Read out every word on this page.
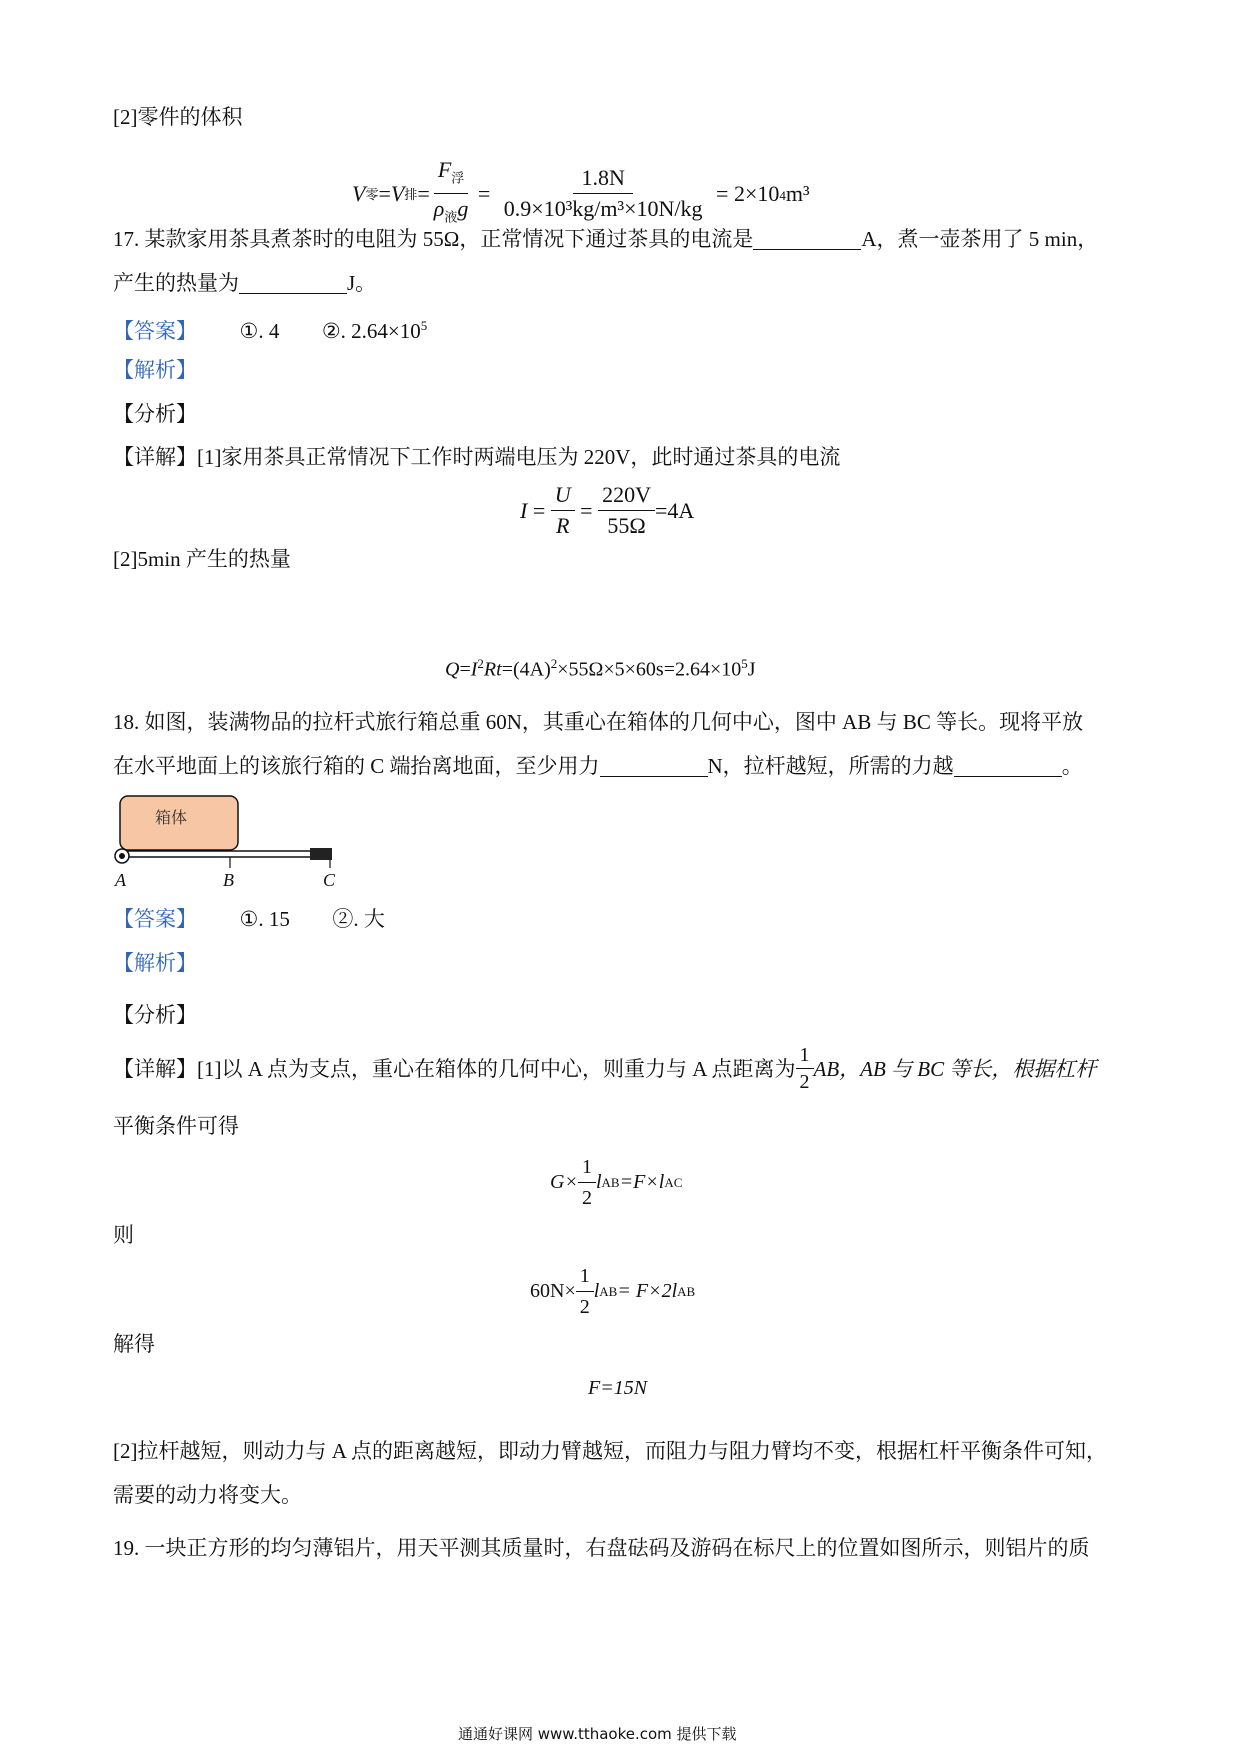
[2]零件的体积
V 零 = V 排 = $\frac{F_浮}{\rho_液g} = \frac{1.8N}{\text{0.9×10³kg/m³×10N/kg}} = 2\times 10^4$ m³
17. 某款家用茶具煮茶时的电阻为 55Ω，正常情况下通过茶具的电流是	A，煮一壶茶用了 5 min，
产生的热量为	J。
【答案】 ①. 4 ②. $2.64\times 10^5$
【解析】
【分析】
【详解】[1]家用茶具正常情况下工作时两端电压为 220V，此时通过茶具的电流
$I = \frac{U}{R} = \frac{220V}{55\Omega} =4A$
[2]5min 产生的热量
$Q=I^2Rt=(4A)^2\times 55\Omega\times 5\times 60s=2.64\times 10^5J$
18. 如图，装满物品的拉杆式旅行箱总重 60N，其重心在箱体的几何中心，图中 AB 与 BC 等长。现将平放
在水平地面上的该旅行箱的 C 端抬离地面，至少用力	N，拉杆越短，所需的力越	。
箱体
A	B	C
【答案】 ①. 15 ②. 大
【解析】
【分析】
【详解】[1]以 A 点为支点，重心在箱体的几何中心，则重力与 A 点距离为 $\frac{1}{2}$ AB，AB 与 BC 等长，根据杠杆
平衡条件可得
$G\times \frac{1}{2}$ l AB =F×l AC
则
$60N\times \frac{1}{2}$ l AB = F×2l AB
解得
F=15N
[2]拉杆越短，则动力与 A 点的距离越短，即动力臂越短，而阻力与阻力臂均不变，根据杠杆平衡条件可知，
需要的动力将变大。
19. 一块正方形的均匀薄铝片，用天平测其质量时，右盘砝码及游码在标尺上的位置如图所示，则铝片的质
通通好课网 www.tthaoke.com 提供下载
